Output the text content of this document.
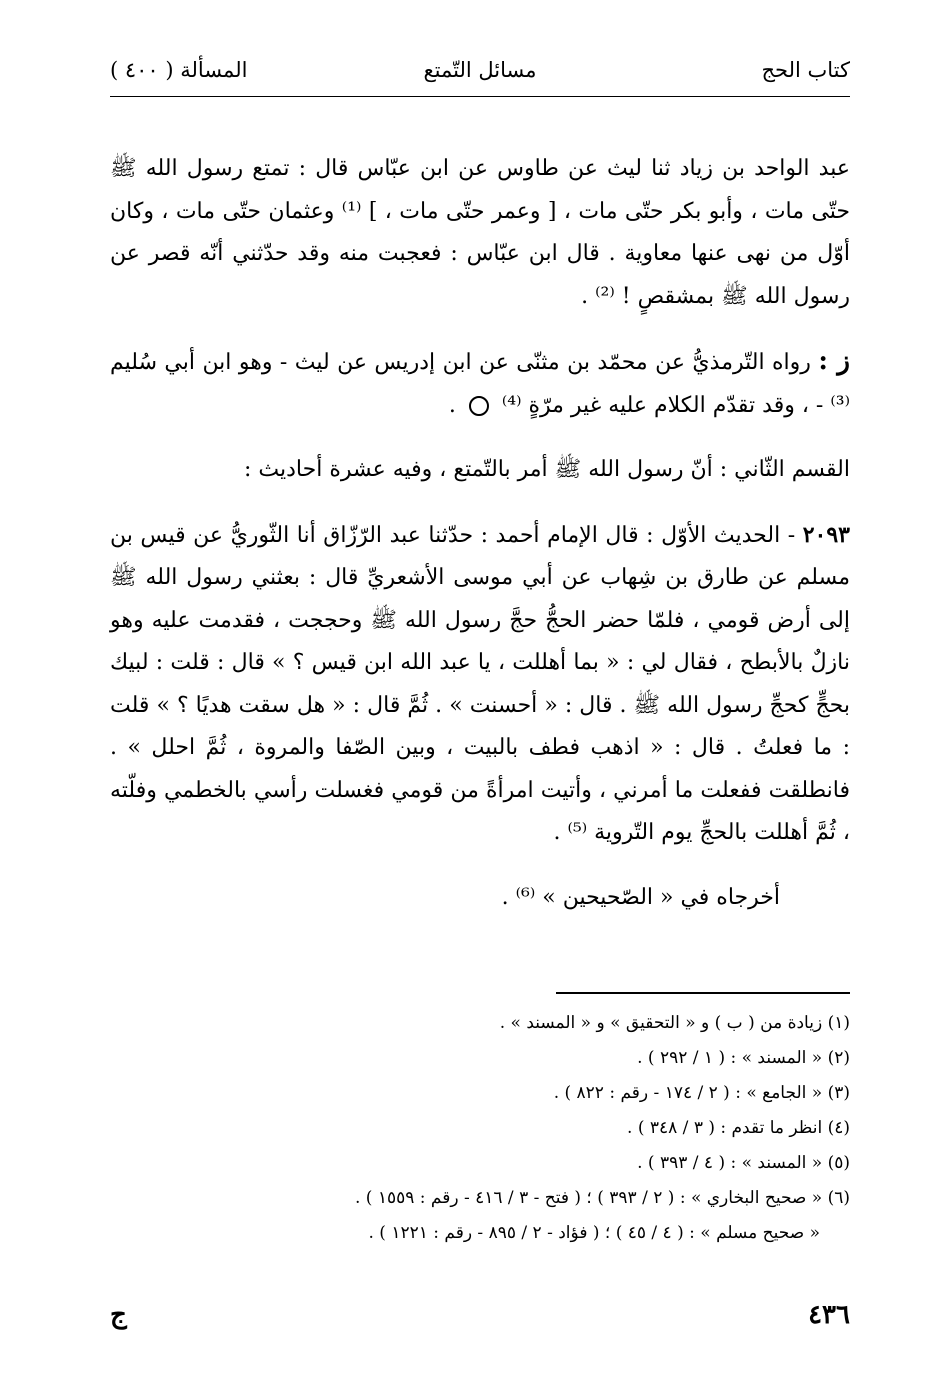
كتاب الحج
مسائل التّمتع
المسألة ( ٤٠٠ )

عبد الواحد بن زياد ثنا ليث عن طاوس عن ابن عبّاس قال : تمتع رسول الله ﷺ حتّى مات ، وأبو بكر حتّى مات ، [ وعمر حتّى مات ، ] ⁽¹⁾ وعثمان حتّى مات ، وكان أوّل من نهى عنها معاوية . قال ابن عبّاس : فعجبت منه وقد حدّثني أنّه قصر عن رسول الله ﷺ بمشقصٍ ! ⁽²⁾ .

ز : رواه التّرمذيُّ عن محمّد بن مثنّى عن ابن إدريس عن ليث - وهو ابن أبي سُليم ⁽³⁾ - ، وقد تقدّم الكلام عليه غير مرّةٍ ⁽⁴⁾  .

القسم الثّاني : أنّ رسول الله ﷺ أمر بالتّمتع ، وفيه عشرة أحاديث :

٢٠٩٣ - الحديث الأوّل : قال الإمام أحمد : حدّثنا عبد الرّزّاق أنا الثّوريُّ عن قيس بن مسلم عن طارق بن شِهاب عن أبي موسى الأشعريِّ قال : بعثني رسول الله ﷺ إلى أرض قومي ، فلمّا حضر الحجُّ حجَّ رسول الله ﷺ وحججت ، فقدمت عليه وهو نازلٌ بالأبطح ، فقال لي : « بما أهللت ، يا عبد الله ابن قيس ؟ » قال : قلت : لبيك بحجٍّ كحجِّ رسول الله ﷺ . قال : « أحسنت » . ثُمَّ قال : « هل سقت هديًا ؟ » قلت : ما فعلتُ . قال : « اذهب فطف بالبيت ، وبين الصّفا والمروة ، ثُمَّ احلل » . فانطلقت ففعلت ما أمرني ، وأتيت امرأةً من قومي فغسلت رأسي بالخطمي وفلّته ، ثُمَّ أهللت بالحجِّ يوم التّروية ⁽⁵⁾ .

أخرجاه في « الصّحيحين » ⁽⁶⁾ .

(١) زيادة من ( ب ) و « التحقيق » و « المسند » .

(٢) « المسند » : ( ١ / ٢٩٢ ) .

(٣) « الجامع » : ( ٢ / ١٧٤ - رقم : ٨٢٢ ) .

(٤) انظر ما تقدم : ( ٣ / ٣٤٨ ) .

(٥) « المسند » : ( ٤ / ٣٩٣ ) .

(٦) « صحيح البخاري » : ( ٢ / ٣٩٣ ) ؛ ( فتح - ٣ / ٤١٦ - رقم : ١٥٥٩ ) .

« صحيح مسلم » : ( ٤ / ٤٥ ) ؛ ( فؤاد - ٢ / ٨٩٥ - رقم : ١٢٢١ ) .

٤٣٦
ج
